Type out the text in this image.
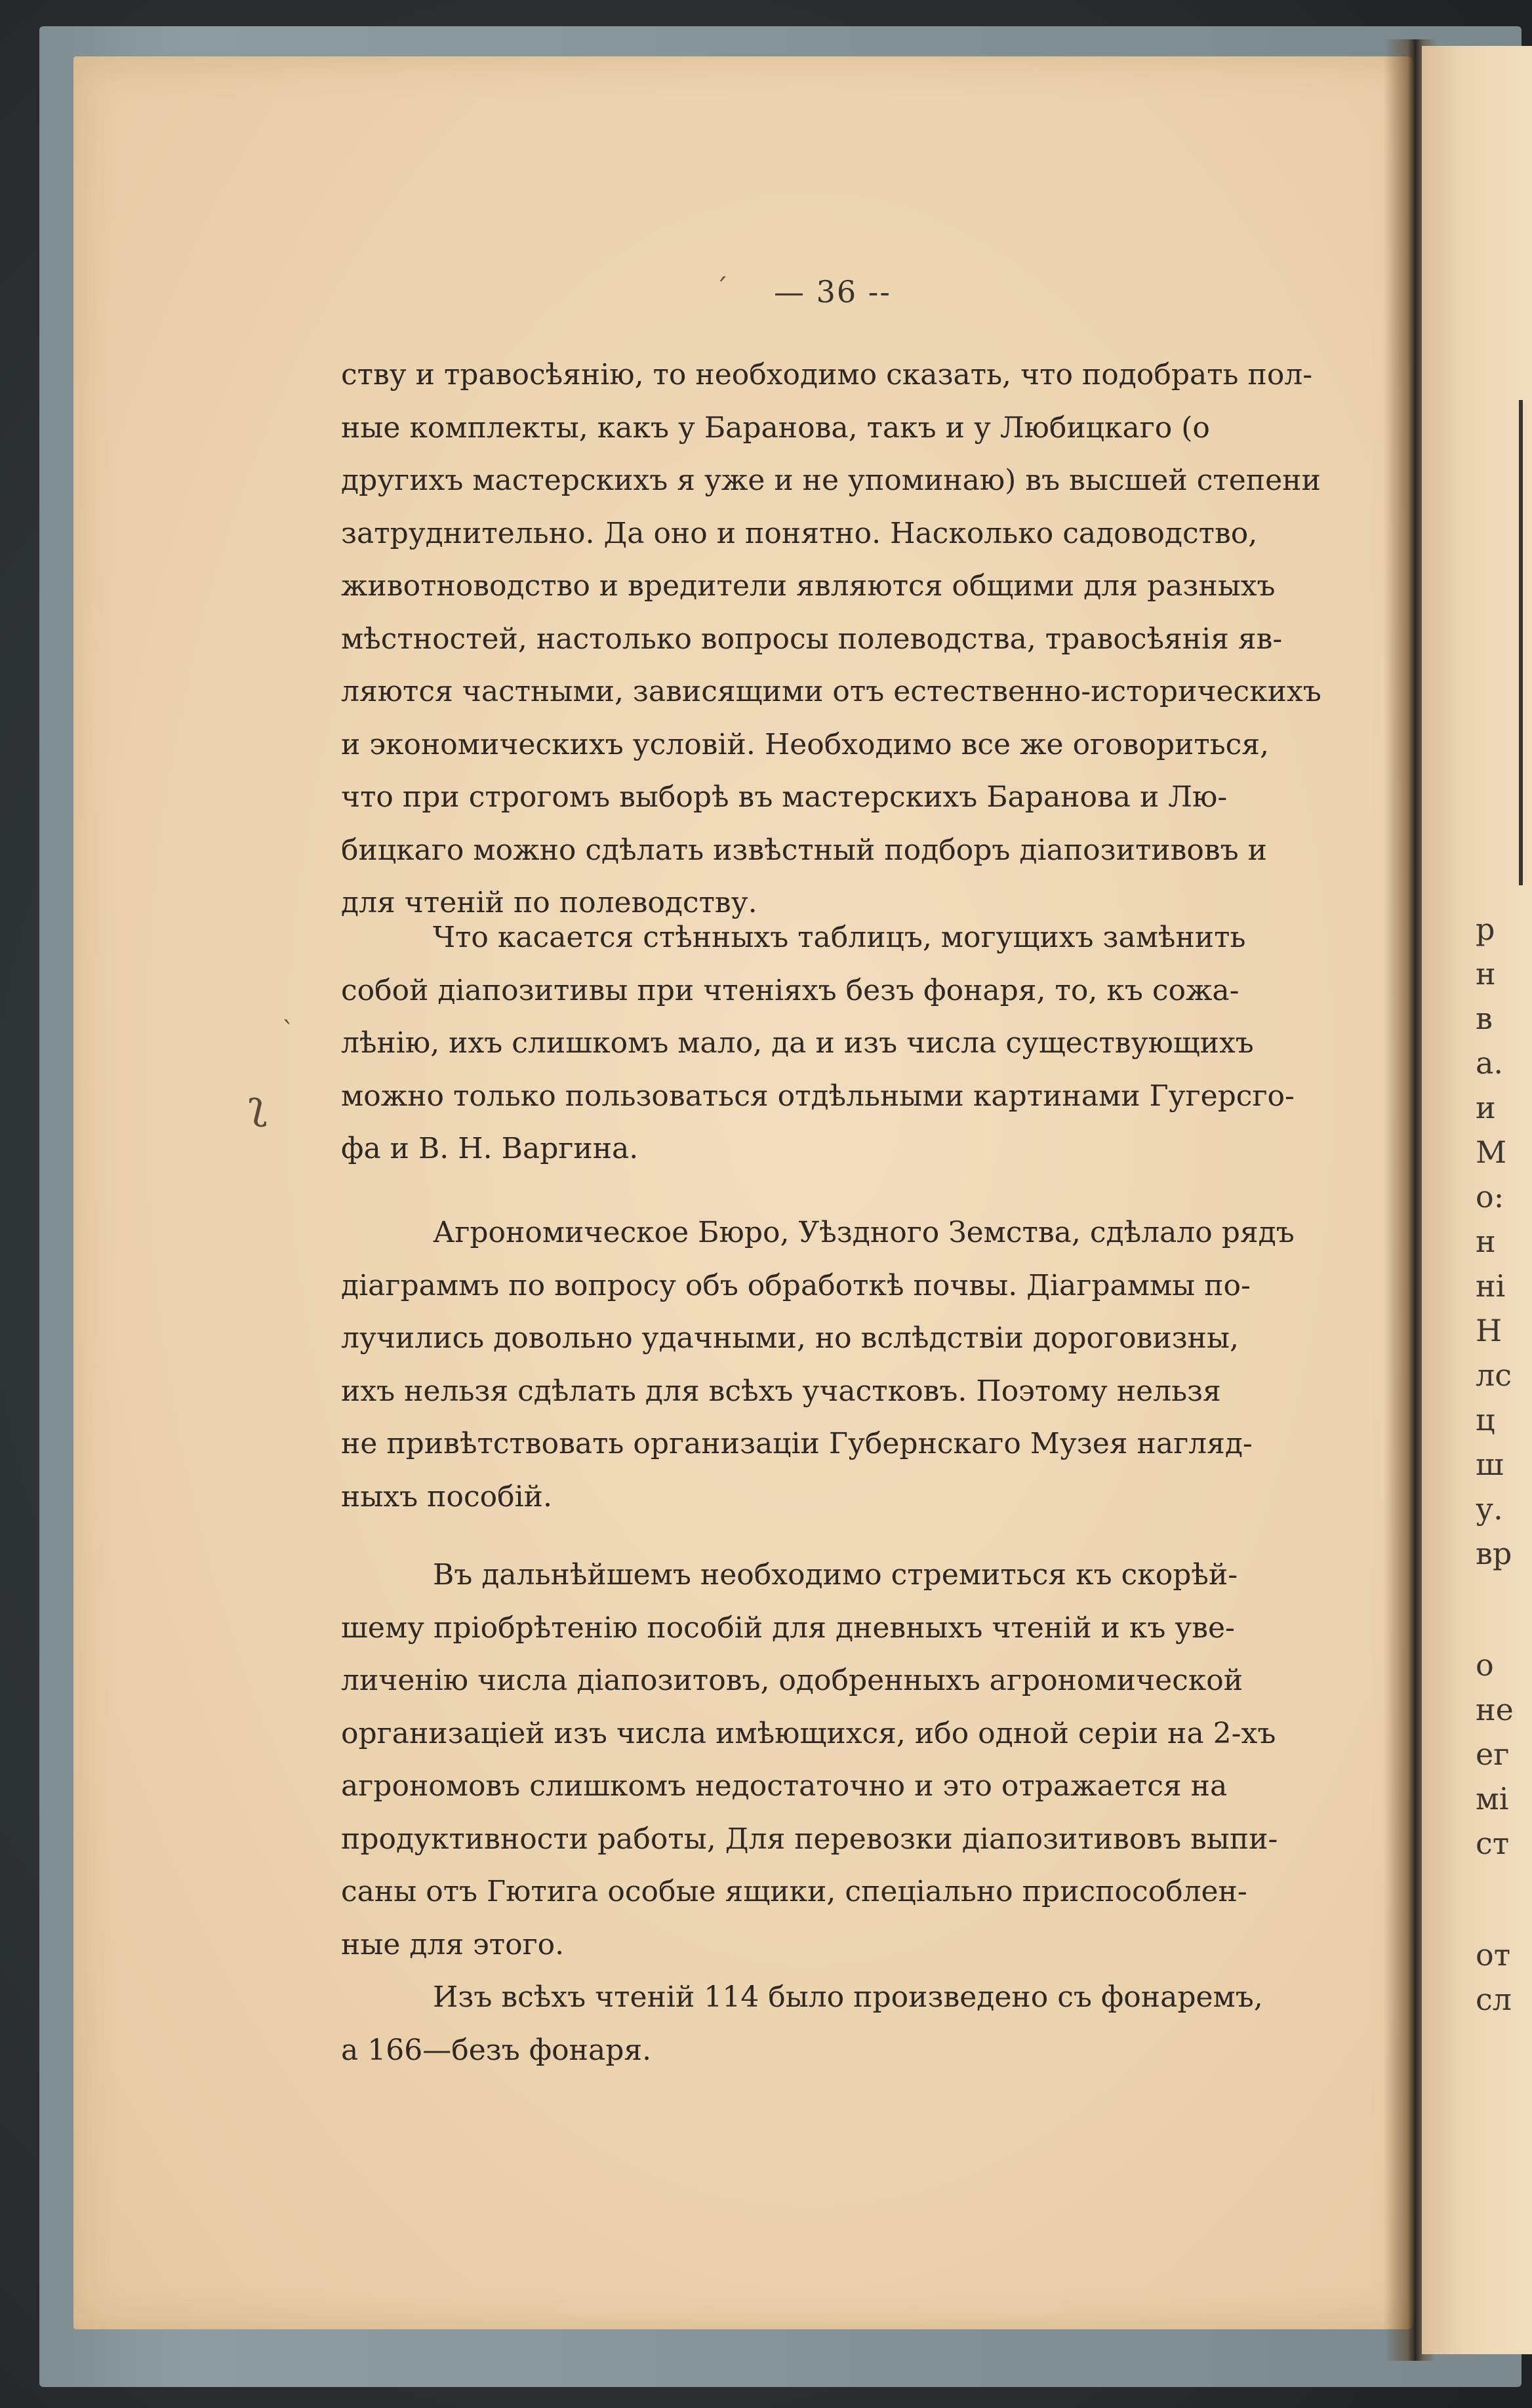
ˊ
ˋ
ʅ
— 36 --
ству и травосѣянію, то необходимо сказать, что подобрать пол-
ные комплекты, какъ у Баранова, такъ и у Любицкаго (о
другихъ мастерскихъ я уже и не упоминаю) въ высшей степени
затруднительно. Да оно и понятно. Насколько садоводство,
животноводство и вредители являются общими для разныхъ
мѣстностей, настолько вопросы полеводства, травосѣянія яв-
ляются частными, зависящими отъ естественно-историческихъ
и экономическихъ условій. Необходимо все же оговориться,
что при строгомъ выборѣ въ мастерскихъ Баранова и Лю-
бицкаго можно сдѣлать извѣстный подборъ діапозитивовъ и
для чтеній по полеводству.
Что касается стѣнныхъ таблицъ, могущихъ замѣнить
собой діапозитивы при чтеніяхъ безъ фонаря, то, къ сожа-
лѣнію, ихъ слишкомъ мало, да и изъ числа существующихъ
можно только пользоваться отдѣльными картинами Гугерсго-
фа и В. Н. Варгина.
Агрономическое Бюро, Уѣздного Земства, сдѣлало рядъ
діаграммъ по вопросу объ обработкѣ почвы. Діаграммы по-
лучились довольно удачными, но вслѣдствіи дороговизны,
ихъ нельзя сдѣлать для всѣхъ участковъ. Поэтому нельзя
не привѣтствовать организаціи Губернскаго Музея нагляд-
ныхъ пособій.
Въ дальнѣйшемъ необходимо стремиться къ скорѣй-
шему пріобрѣтенію пособій для дневныхъ чтеній и къ уве-
личенію числа діапозитовъ, одобренныхъ агрономической
организаціей изъ числа имѣющихся, ибо одной серіи на 2-хъ
агрономовъ слишкомъ недостаточно и это отражается на
продуктивности работы, Для перевозки діапозитивовъ выпи-
саны отъ Гютига особые ящики, спеціально приспособлен-
ные для этого.
Изъ всѣхъ чтеній 114 было произведено съ фонаремъ,
а 166—безъ фонаря.
р
н
в
а.
и
М
о:
н
ні
Н
лс
ц
ш
у.
вр
о
не
ег
мі
ст
от
сл
